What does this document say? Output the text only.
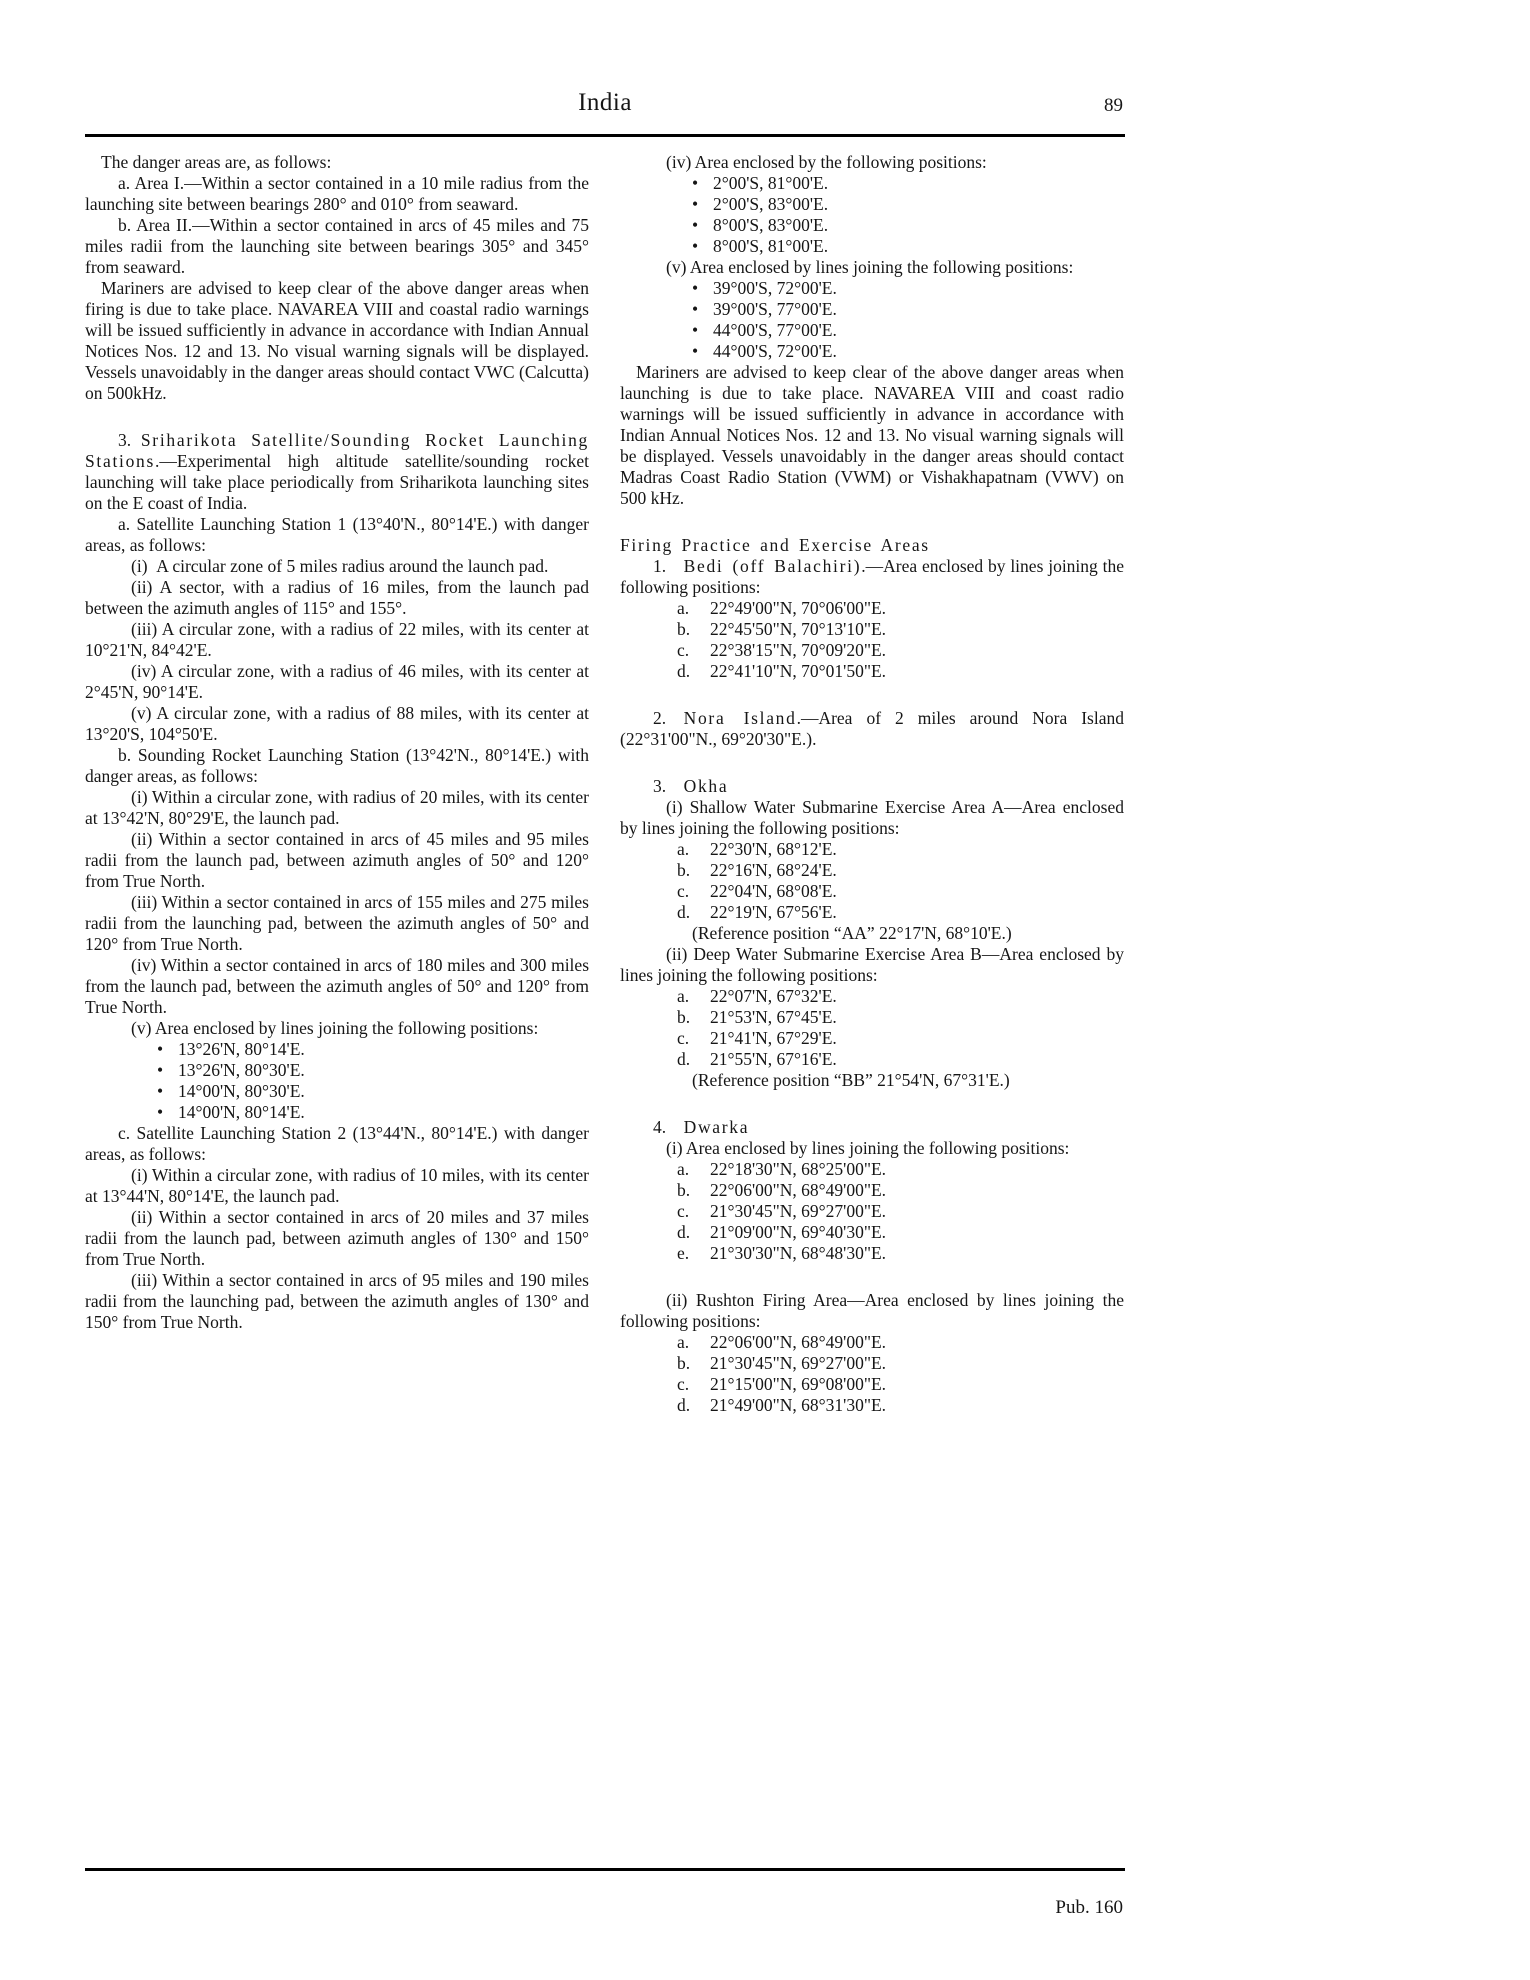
India	89

The danger areas are, as follows:

a. Area I.—Within a sector contained in a 10 mile radius from the launching site between bearings 280° and 010° from seaward.

b. Area II.—Within a sector contained in arcs of 45 miles and 75 miles radii from the launching site between bearings 305° and 345° from seaward.

Mariners are advised to keep clear of the above danger areas when firing is due to take place. NAVAREA VIII and coastal radio warnings will be issued sufficiently in advance in accordance with Indian Annual Notices Nos. 12 and 13. No visual warning signals will be displayed. Vessels unavoidably in the danger areas should contact VWC (Calcutta) on 500kHz.

3. Sriharikota Satellite/Sounding Rocket Launching Stations.—Experimental high altitude satellite/sounding rocket launching will take place periodically from Sriharikota launching sites on the E coast of India.

a. Satellite Launching Station 1 (13°40'N., 80°14'E.) with danger areas, as follows:

(i) A circular zone of 5 miles radius around the launch pad.

(ii) A sector, with a radius of 16 miles, from the launch pad between the azimuth angles of 115° and 155°.

(iii) A circular zone, with a radius of 22 miles, with its center at 10°21'N, 84°42'E.

(iv) A circular zone, with a radius of 46 miles, with its center at 2°45'N, 90°14'E.

(v) A circular zone, with a radius of 88 miles, with its center at 13°20'S, 104°50'E.

b. Sounding Rocket Launching Station (13°42'N., 80°14'E.) with danger areas, as follows:

(i) Within a circular zone, with radius of 20 miles, with its center at 13°42'N, 80°29'E, the launch pad.

(ii) Within a sector contained in arcs of 45 miles and 95 miles radii from the launch pad, between azimuth angles of 50° and 120° from True North.

(iii) Within a sector contained in arcs of 155 miles and 275 miles radii from the launching pad, between the azimuth angles of 50° and 120° from True North.

(iv) Within a sector contained in arcs of 180 miles and 300 miles from the launch pad, between the azimuth angles of 50° and 120° from True North.

(v) Area enclosed by lines joining the following positions:

• 13°26'N, 80°14'E.
• 13°26'N, 80°30'E.
• 14°00'N, 80°30'E.
• 14°00'N, 80°14'E.

c. Satellite Launching Station 2 (13°44'N., 80°14'E.) with danger areas, as follows:

(i) Within a circular zone, with radius of 10 miles, with its center at 13°44'N, 80°14'E, the launch pad.

(ii) Within a sector contained in arcs of 20 miles and 37 miles radii from the launch pad, between azimuth angles of 130° and 150° from True North.

(iii) Within a sector contained in arcs of 95 miles and 190 miles radii from the launching pad, between the azimuth angles of 130° and 150° from True North.

(iv) Area enclosed by the following positions:

• 2°00'S, 81°00'E.
• 2°00'S, 83°00'E.
• 8°00'S, 83°00'E.
• 8°00'S, 81°00'E.

(v) Area enclosed by lines joining the following positions:

• 39°00'S, 72°00'E.
• 39°00'S, 77°00'E.
• 44°00'S, 77°00'E.
• 44°00'S, 72°00'E.

Mariners are advised to keep clear of the above danger areas when launching is due to take place. NAVAREA VIII and coast radio warnings will be issued sufficiently in advance in accordance with Indian Annual Notices Nos. 12 and 13. No visual warning signals will be displayed. Vessels unavoidably in the danger areas should contact Madras Coast Radio Station (VWM) or Vishakhapatnam (VWV) on 500 kHz.

Firing Practice and Exercise Areas

1. Bedi (off Balachiri).—Area enclosed by lines joining the following positions:

a. 22°49'00"N, 70°06'00"E.
b. 22°45'50"N, 70°13'10"E.
c. 22°38'15"N, 70°09'20"E.
d. 22°41'10"N, 70°01'50"E.

2. Nora Island.—Area of 2 miles around Nora Island (22°31'00"N., 69°20'30"E.).

3. Okha

(i) Shallow Water Submarine Exercise Area A—Area enclosed by lines joining the following positions:

a. 22°30'N, 68°12'E.
b. 22°16'N, 68°24'E.
c. 22°04'N, 68°08'E.
d. 22°19'N, 67°56'E.

(Reference position “AA” 22°17'N, 68°10'E.)

(ii) Deep Water Submarine Exercise Area B—Area enclosed by lines joining the following positions:

a. 22°07'N, 67°32'E.
b. 21°53'N, 67°45'E.
c. 21°41'N, 67°29'E.
d. 21°55'N, 67°16'E.

(Reference position “BB” 21°54'N, 67°31'E.)

4. Dwarka

(i) Area enclosed by lines joining the following positions:

a. 22°18'30"N, 68°25'00"E.
b. 22°06'00"N, 68°49'00"E.
c. 21°30'45"N, 69°27'00"E.
d. 21°09'00"N, 69°40'30"E.
e. 21°30'30"N, 68°48'30"E.

(ii) Rushton Firing Area—Area enclosed by lines joining the following positions:

a. 22°06'00"N, 68°49'00"E.
b. 21°30'45"N, 69°27'00"E.
c. 21°15'00"N, 69°08'00"E.
d. 21°49'00"N, 68°31'30"E.
Pub. 160
